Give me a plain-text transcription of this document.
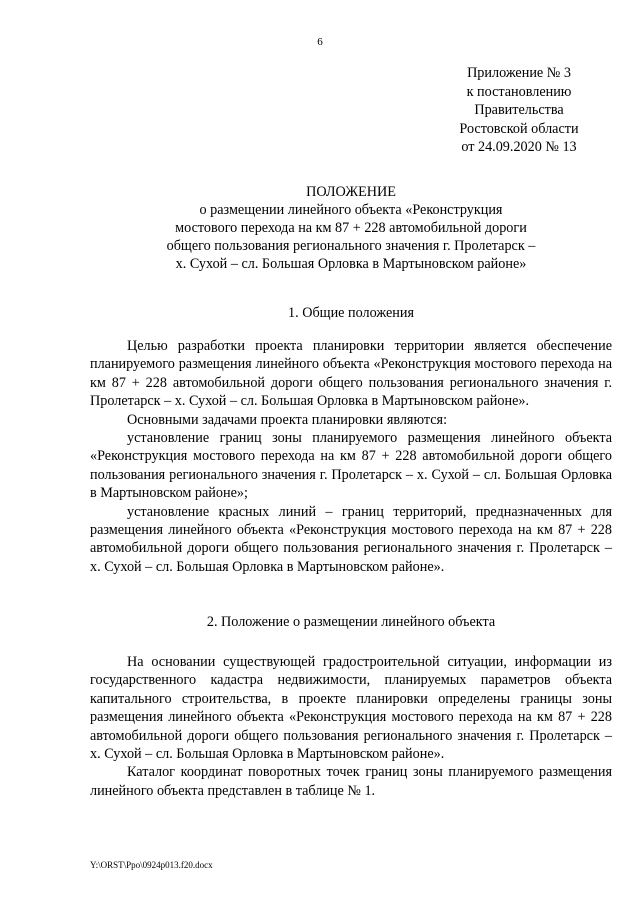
6
Приложение № 3
к постановлению
Правительства
Ростовской области
от 24.09.2020 № 13
ПОЛОЖЕНИЕ
о размещении линейного объекта «Реконструкция
мостового перехода на км 87 + 228 автомобильной дороги
общего пользования регионального значения г. Пролетарск –
х. Сухой – сл. Большая Орловка в Мартыновском районе»
1. Общие положения

Целью разработки проекта планировки территории является обеспечение планируемого размещения линейного объекта «Реконструкция мостового перехода на км 87 + 228 автомобильной дороги общего пользования регионального значения г. Пролетарск – х. Сухой – сл. Большая Орловка в Мартыновском районе».

Основными задачами проекта планировки являются:

установление границ зоны планируемого размещения линейного объекта «Реконструкция мостового перехода на км 87 + 228 автомобильной дороги общего пользования регионального значения г. Пролетарск – х. Сухой – сл. Большая Орловка в Мартыновском районе»;

установление красных линий – границ территорий, предназначенных для размещения линейного объекта «Реконструкция мостового перехода на км 87 + 228 автомобильной дороги общего пользования регионального значения г. Пролетарск – х. Сухой – сл. Большая Орловка в Мартыновском районе».

2. Положение о размещении линейного объекта

На основании существующей градостроительной ситуации, информации из государственного кадастра недвижимости, планируемых параметров объекта капитального строительства, в проекте планировки определены границы зоны размещения линейного объекта «Реконструкция мостового перехода на км 87 + 228 автомобильной дороги общего пользования регионального значения г. Пролетарск – х. Сухой – сл. Большая Орловка в Мартыновском районе».

Каталог координат поворотных точек границ зоны планируемого размещения линейного объекта представлен в таблице № 1.

Y:\ORST\Ppo\0924p013.f20.docx
